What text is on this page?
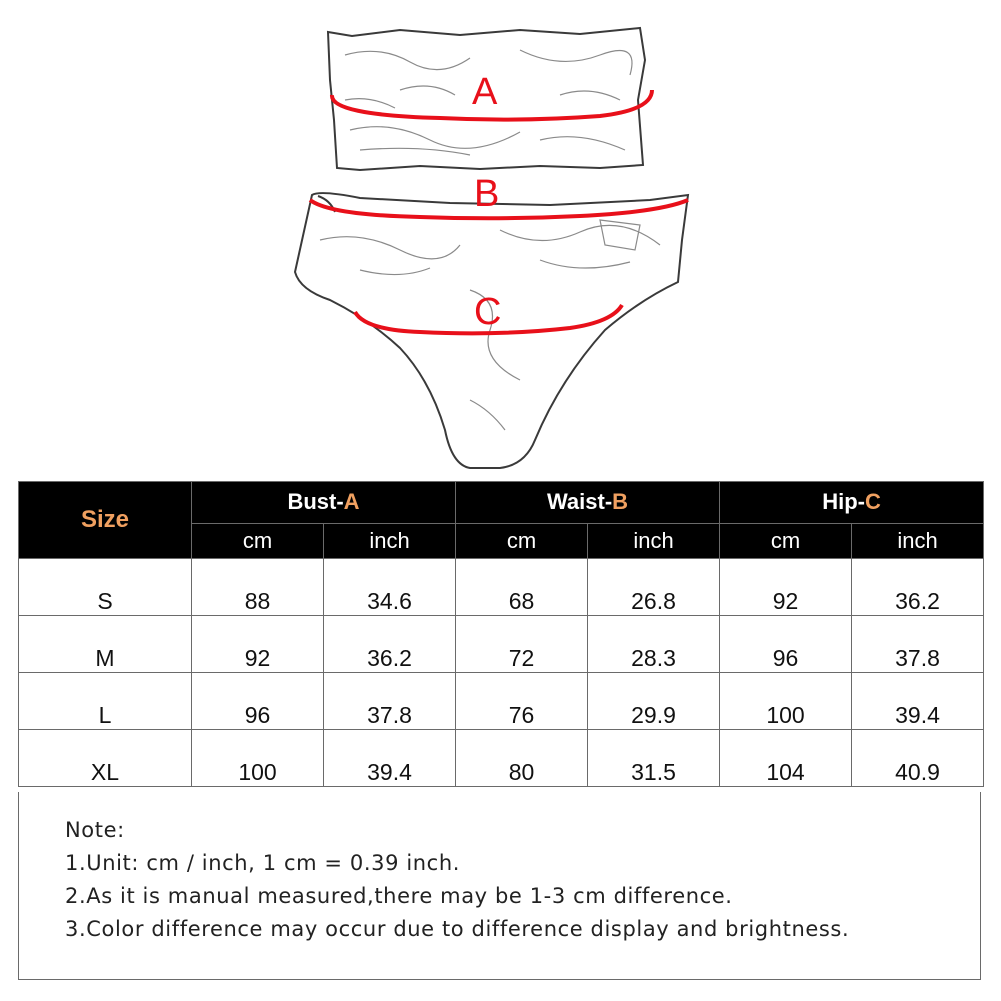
A
B
C
Size	Bust-A		Waist-B		Hip-C	
	cm	inch	cm	inch	cm	inch
S	88	34.6	68	26.8	92	36.2
M	92	36.2	72	28.3	96	37.8
L	96	37.8	76	29.9	100	39.4
XL	100	39.4	80	31.5	104	40.9
Note:
1.Unit: cm / inch, 1 cm = 0.39 inch.
2.As it is manual measured,there may be 1-3 cm difference.
3.Color difference may occur due to difference display and brightness.
